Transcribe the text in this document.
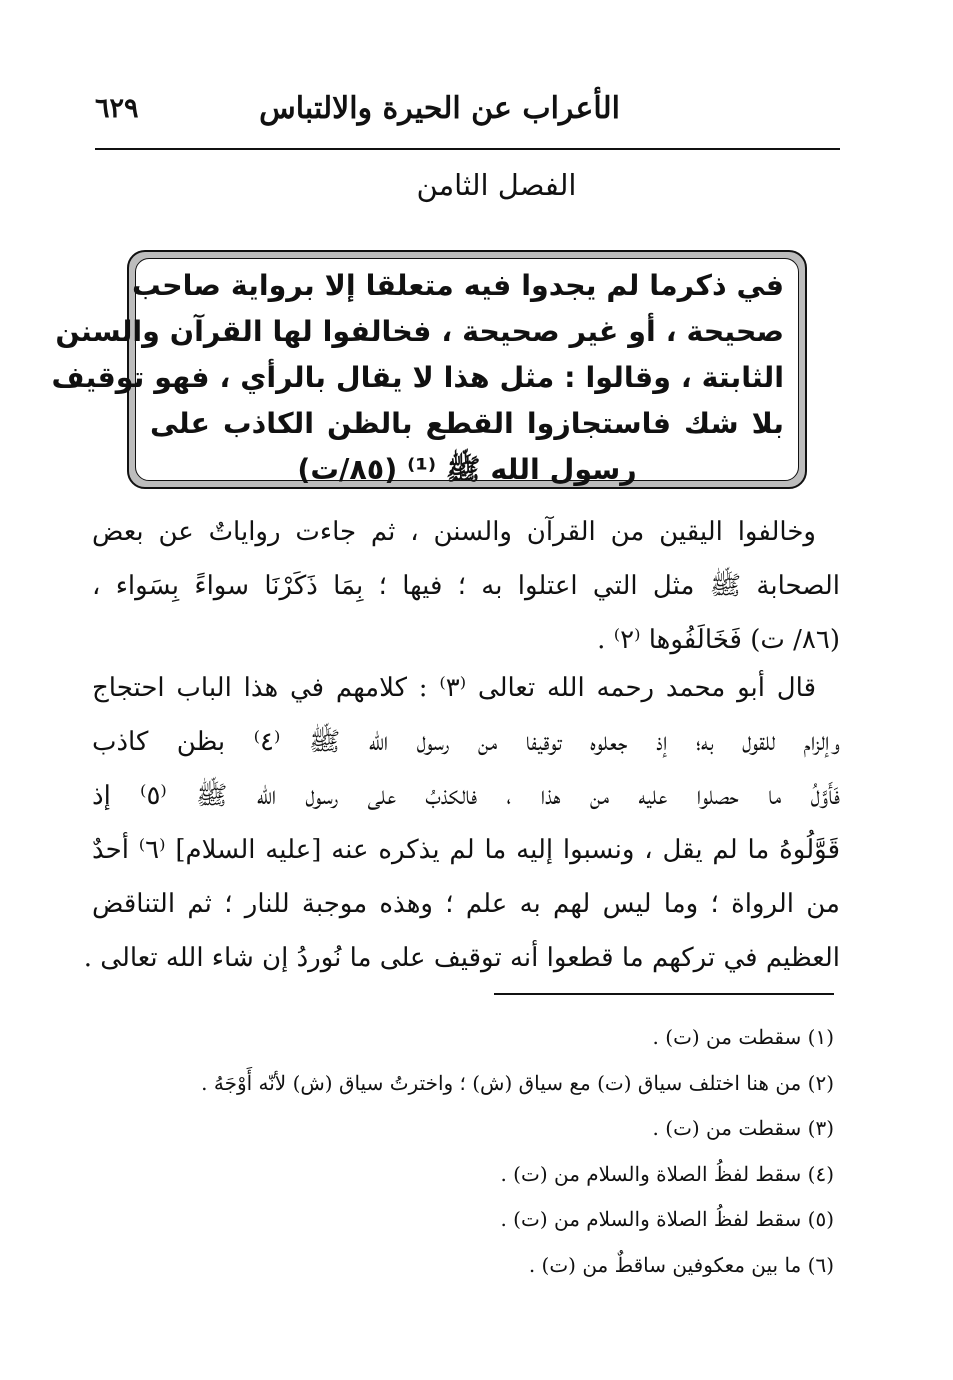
الأعراب عن الحيرة والالتباس
٦٢٩
الفصل الثامن
في ذكرما لم يجدوا فيه متعلقا إلا برواية صاحب
صحيحة ، أو غير صحيحة ، فخالفوا لها القرآن والسنن
الثابتة ، وقالوا : مثل هذا لا يقال بالرأي ، فهو توقيف
بلا شك فاستجازوا القطع بالظن الكاذب على
رسول الله ﷺ ⁽¹⁾ (٨٥/ت)
وخالفوا اليقين من القرآن والسنن ، ثم جاءت رواياتٌ عن بعض
الصحابة ﷺ مثل التي اعتلوا به ؛ فيها ؛ بِمَا ذَكَرْنَا سواءً بِسَواء ،
(٨٦/ ت) فَخَالَفُوها ⁽٢⁾ .
قال أبو محمد رحمه الله تعالى ⁽٣⁾ : كلامهم في هذا الباب احتجاج
وإلزام للقول به؛ إذ جعلوه توقيفا من رسول الله ﷺ ⁽٤⁾ بظن كاذب
فَأَوَّلُ ما حصلوا عليه من هذا ، فالكذبُ على رسول الله ﷺ ⁽٥⁾ إذ
قَوَّلُوهُ ما لم يقل ، ونسبوا إليه ما لم يذكره عنه [عليه السلام] ⁽٦⁾ أحدٌ
من الرواة ؛ وما ليس لهم به علم ؛ وهذه موجبة للنار ؛ ثم التناقض
العظيم في تركهم ما قطعوا أنه توقيف على ما نُوردُ إن شاء الله تعالى .
(١) سقطت من (ت) .
(٢) من هنا اختلف سياق (ت) مع سياق (ش) ؛ واخترتُ سياق (ش) لأنّه أَوْجَهُ .
(٣) سقطت من (ت) .
(٤) سقط لفظُ الصلاة والسلام من (ت) .
(٥) سقط لفظُ الصلاة والسلام من (ت) .
(٦) ما بين معكوفين ساقطٌ من (ت) .
